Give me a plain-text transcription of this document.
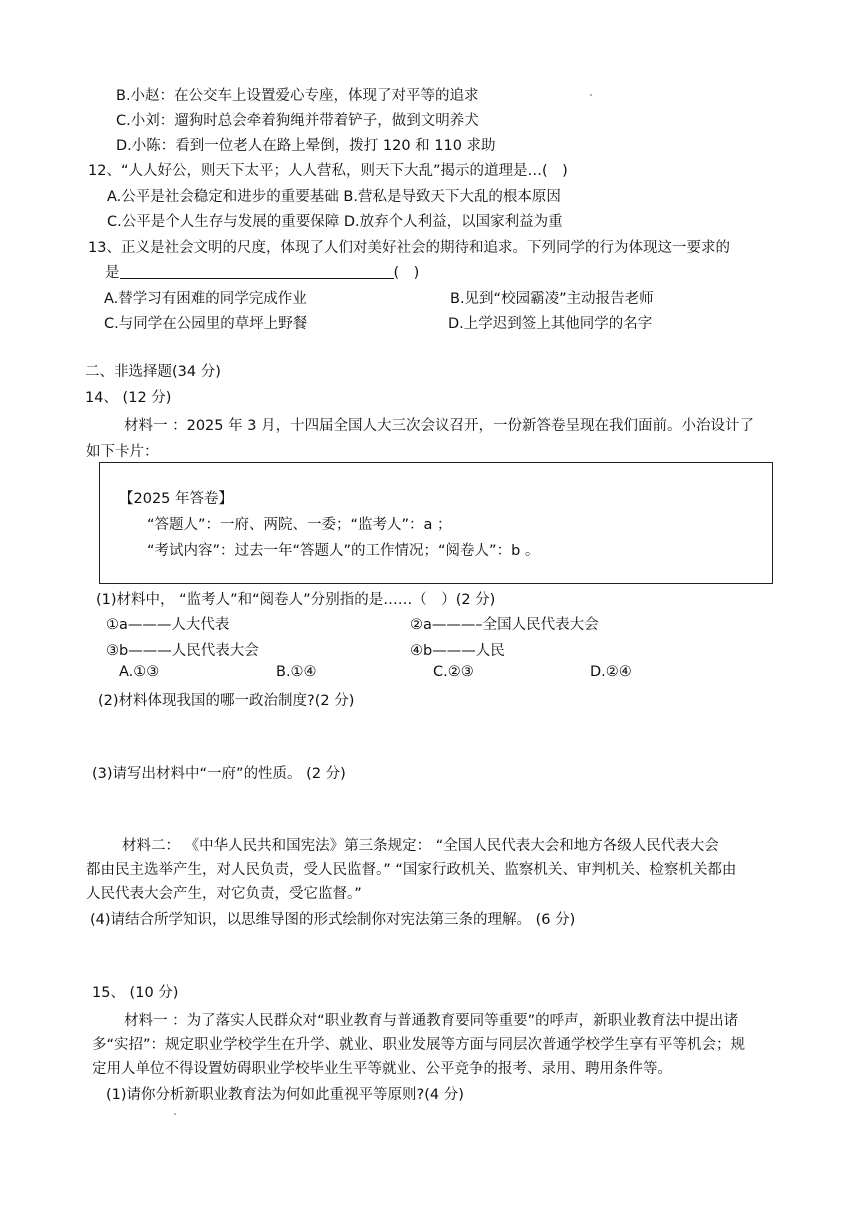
B.小赵：在公交车上设置爱心专座，体现了对平等的追求
C.小刘：遛狗时总会牵着狗绳并带着铲子，做到文明养犬
D.小陈：看到一位老人在路上晕倒，拨打 120 和 110 求助
12、“人人好公，则天下太平；人人营私，则天下大乱”揭示的道理是…(　)
A.公平是社会稳定和进步的重要基础 B.营私是导致天下大乱的根本原因
C.公平是个人生存与发展的重要保障 D.放弃个人利益，以国家利益为重
13、正义是社会文明的尺度，体现了人们对美好社会的期待和追求。下列同学的行为体现这一要求的
是	(　)
A.替学习有困难的同学完成作业	B.见到“校园霸凌”主动报告老师
C.与同学在公园里的草坪上野餐	D.上学迟到签上其他同学的名字
二、非选择题(34 分)
14、 (12 分)
材料一 ：2025 年 3 月，十四届全国人大三次会议召开，一份新答卷呈现在我们面前。小治设计了
如下卡片：
【2025 年答卷】
“答题人”：一府、两院、一委；“监考人”：a ；
“考试内容”：过去一年“答题人”的工作情况；“阅卷人”：b 。
(1)材料中， “监考人”和“阅卷人”分别指的是……（　）(2 分)
①a———人大代表	②a———–全国人民代表大会
③b———人民代表大会	④b———人民
A.①③	B.①④	C.②③	D.②④
(2)材料体现我国的哪一政治制度?(2 分)
(3)请写出材料中“一府”的性质。 (2 分)
材料二： 《中华人民共和国宪法》第三条规定： “全国人民代表大会和地方各级人民代表大会
都由民主选举产生，对人民负责，受人民监督。” “国家行政机关、监察机关、审判机关、检察机关都由
人民代表大会产生，对它负责，受它监督。”
(4)请结合所学知识，以思维导图的形式绘制你对宪法第三条的理解。 (6 分)
15、 (10 分)
材料一 ：为了落实人民群众对“职业教育与普通教育要同等重要”的呼声，新职业教育法中提出诸
多“实招”：规定职业学校学生在升学、就业、职业发展等方面与同层次普通学校学生享有平等机会；规
定用人单位不得设置妨碍职业学校毕业生平等就业、公平竞争的报考、录用、聘用条件等。
(1)请你分析新职业教育法为何如此重视平等原则?(4 分)
